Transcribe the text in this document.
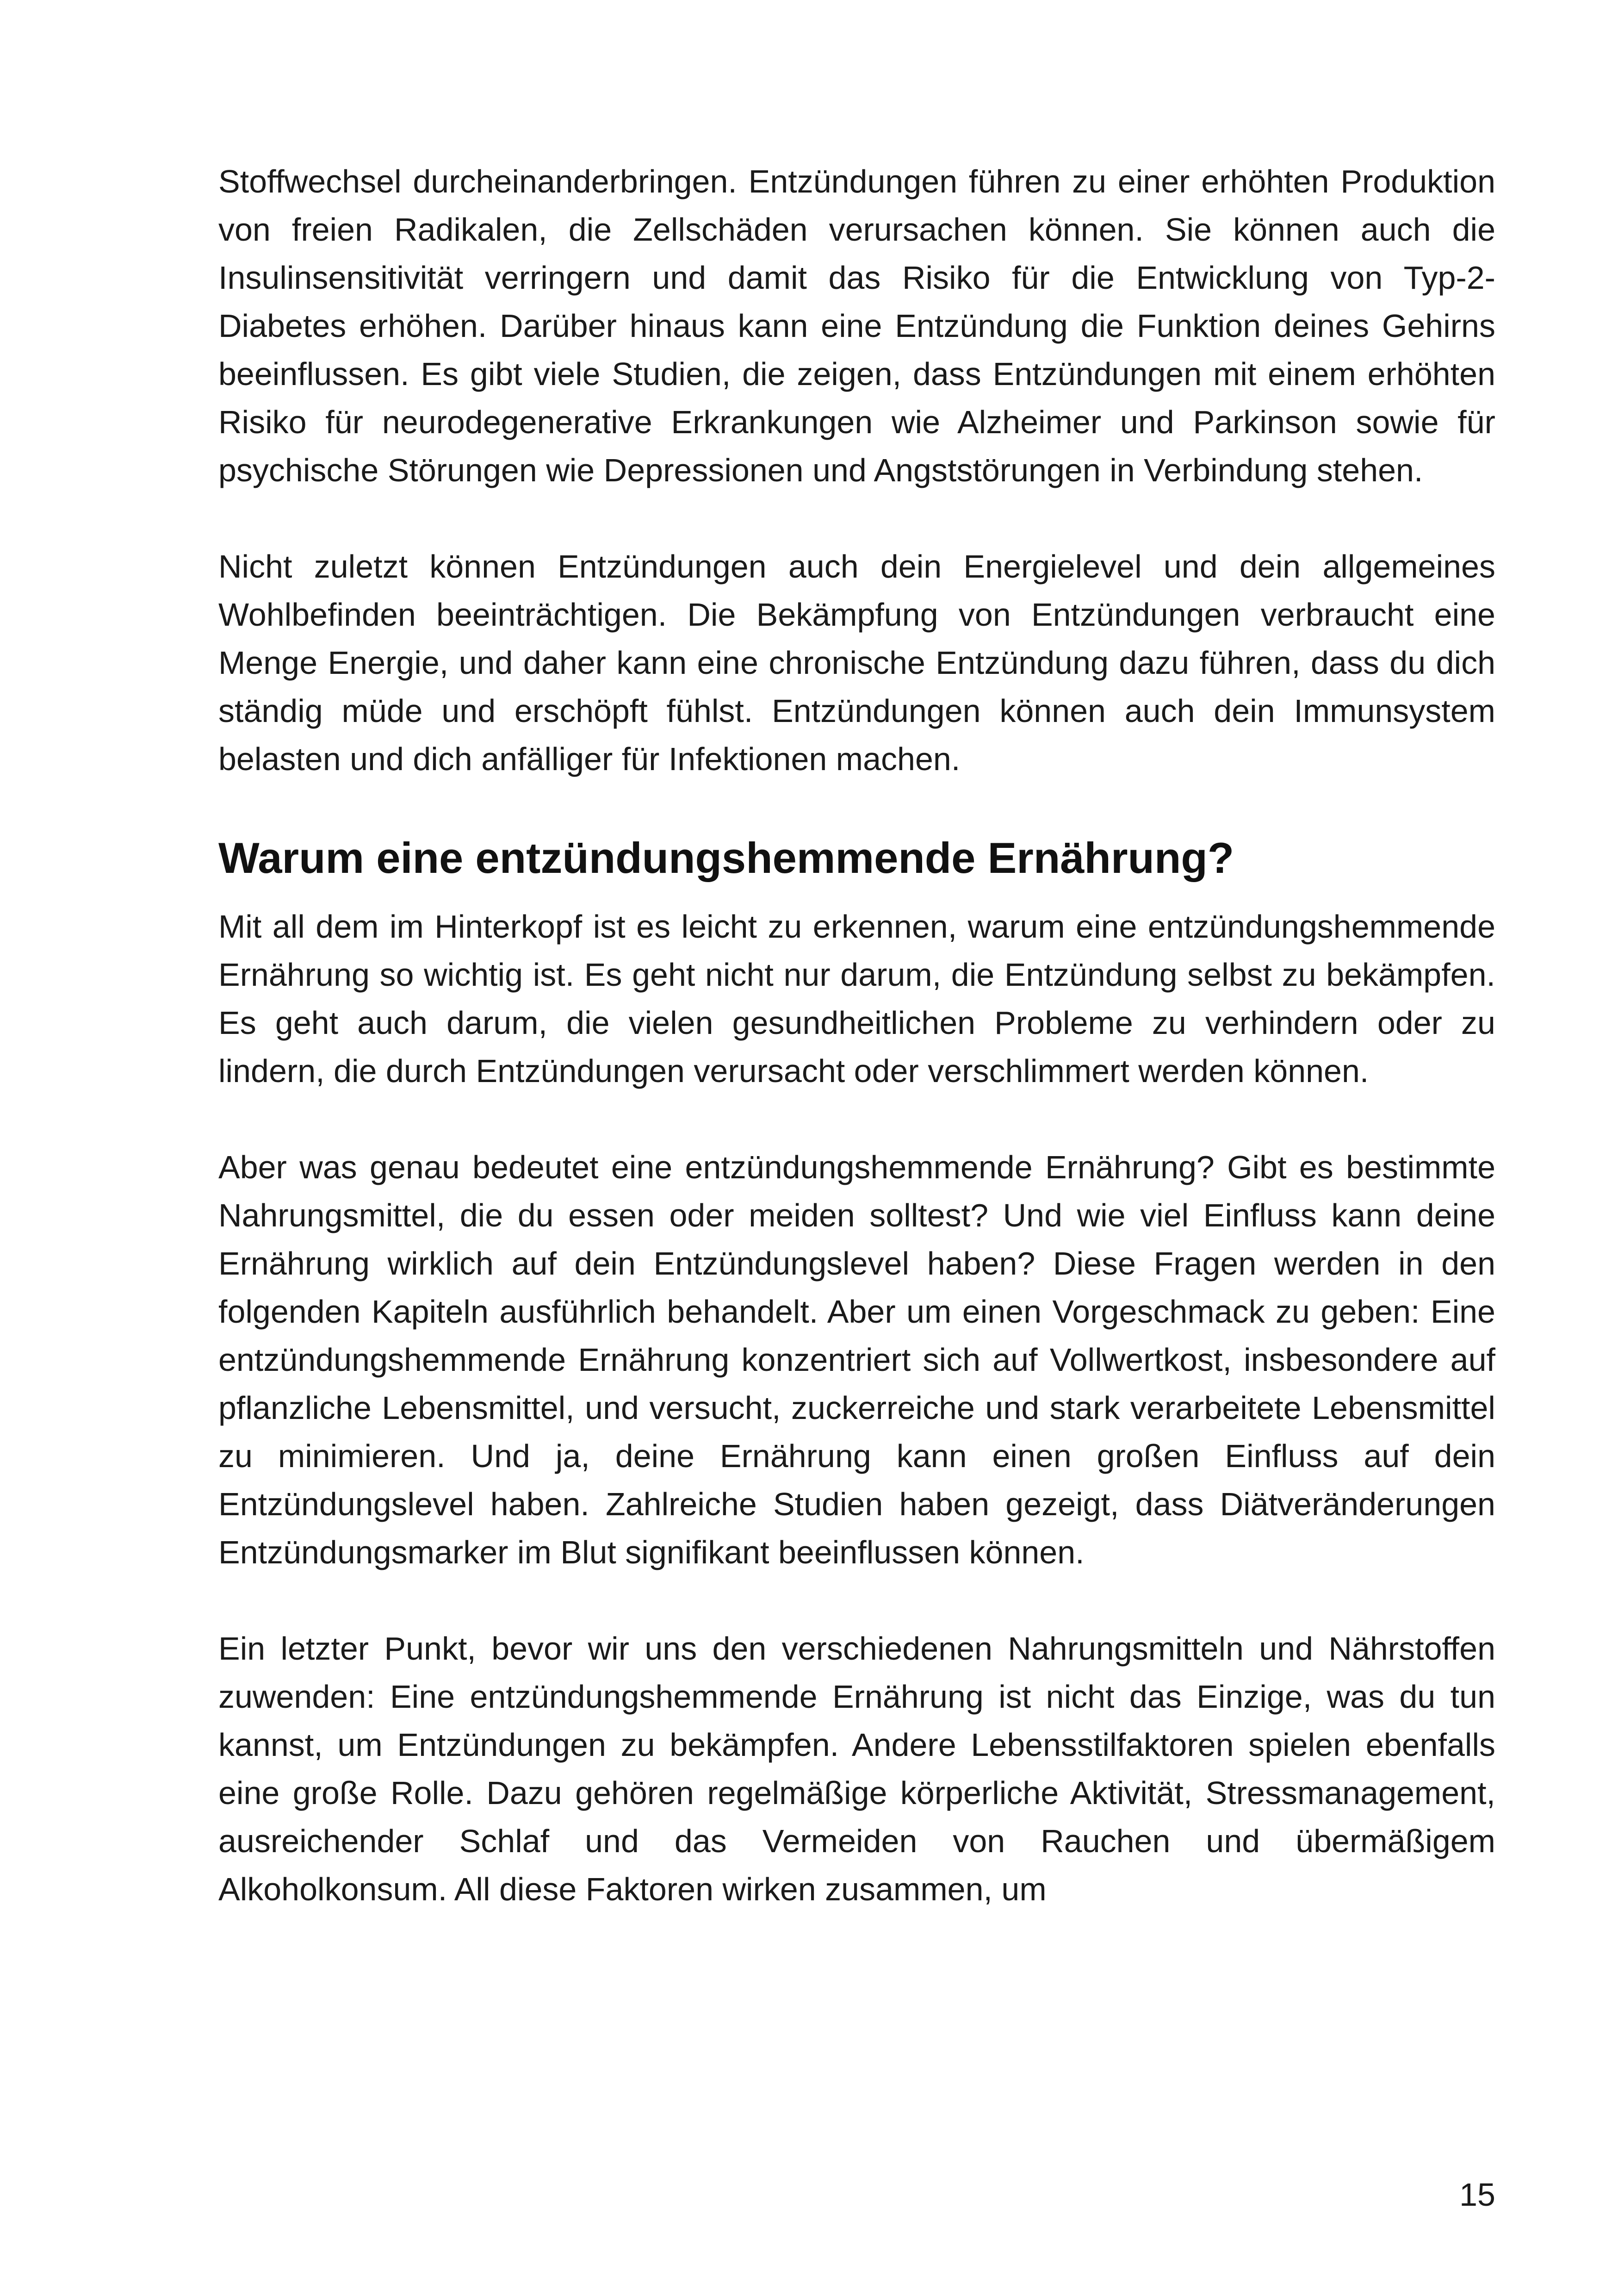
Stoffwechsel durcheinanderbringen. Entzündungen führen zu einer erhöhten Produktion von freien Radikalen, die Zellschäden verursachen können. Sie können auch die Insulinsensitivität verringern und damit das Risiko für die Entwicklung von Typ-2-Diabetes erhöhen. Darüber hinaus kann eine Entzündung die Funktion deines Gehirns beeinflussen. Es gibt viele Studien, die zeigen, dass Entzündungen mit einem erhöhten Risiko für neurodegenerative Erkrankungen wie Alzheimer und Parkinson sowie für psychische Störungen wie Depressionen und Angststörungen in Verbindung stehen.

Nicht zuletzt können Entzündungen auch dein Energielevel und dein allgemeines Wohlbefinden beeinträchtigen. Die Bekämpfung von Entzündungen verbraucht eine Menge Energie, und daher kann eine chronische Entzündung dazu führen, dass du dich ständig müde und erschöpft fühlst. Entzündungen können auch dein Immunsystem belasten und dich anfälliger für Infektionen machen.

Warum eine entzündungshemmende Ernährung?

Mit all dem im Hinterkopf ist es leicht zu erkennen, warum eine entzündungshemmende Ernährung so wichtig ist. Es geht nicht nur darum, die Entzündung selbst zu bekämpfen. Es geht auch darum, die vielen gesundheitlichen Probleme zu verhindern oder zu lindern, die durch Entzündungen verursacht oder verschlimmert werden können.

Aber was genau bedeutet eine entzündungshemmende Ernährung? Gibt es bestimmte Nahrungsmittel, die du essen oder meiden solltest? Und wie viel Einfluss kann deine Ernährung wirklich auf dein Entzündungslevel haben? Diese Fragen werden in den folgenden Kapiteln ausführlich behandelt. Aber um einen Vorgeschmack zu geben: Eine entzündungshemmende Ernährung konzentriert sich auf Vollwertkost, insbesondere auf pflanzliche Lebensmittel, und versucht, zuckerreiche und stark verarbeitete Lebensmittel zu minimieren. Und ja, deine Ernährung kann einen großen Einfluss auf dein Entzündungslevel haben. Zahlreiche Studien haben gezeigt, dass Diätveränderungen Entzündungsmarker im Blut signifikant beeinflussen können.

Ein letzter Punkt, bevor wir uns den verschiedenen Nahrungsmitteln und Nährstoffen zuwenden: Eine entzündungshemmende Ernährung ist nicht das Einzige, was du tun kannst, um Entzündungen zu bekämpfen. Andere Lebensstilfaktoren spielen ebenfalls eine große Rolle. Dazu gehören regelmäßige körperliche Aktivität, Stressmanagement, ausreichender Schlaf und das Vermeiden von Rauchen und übermäßigem Alkoholkonsum. All diese Faktoren wirken zusammen, um

15
